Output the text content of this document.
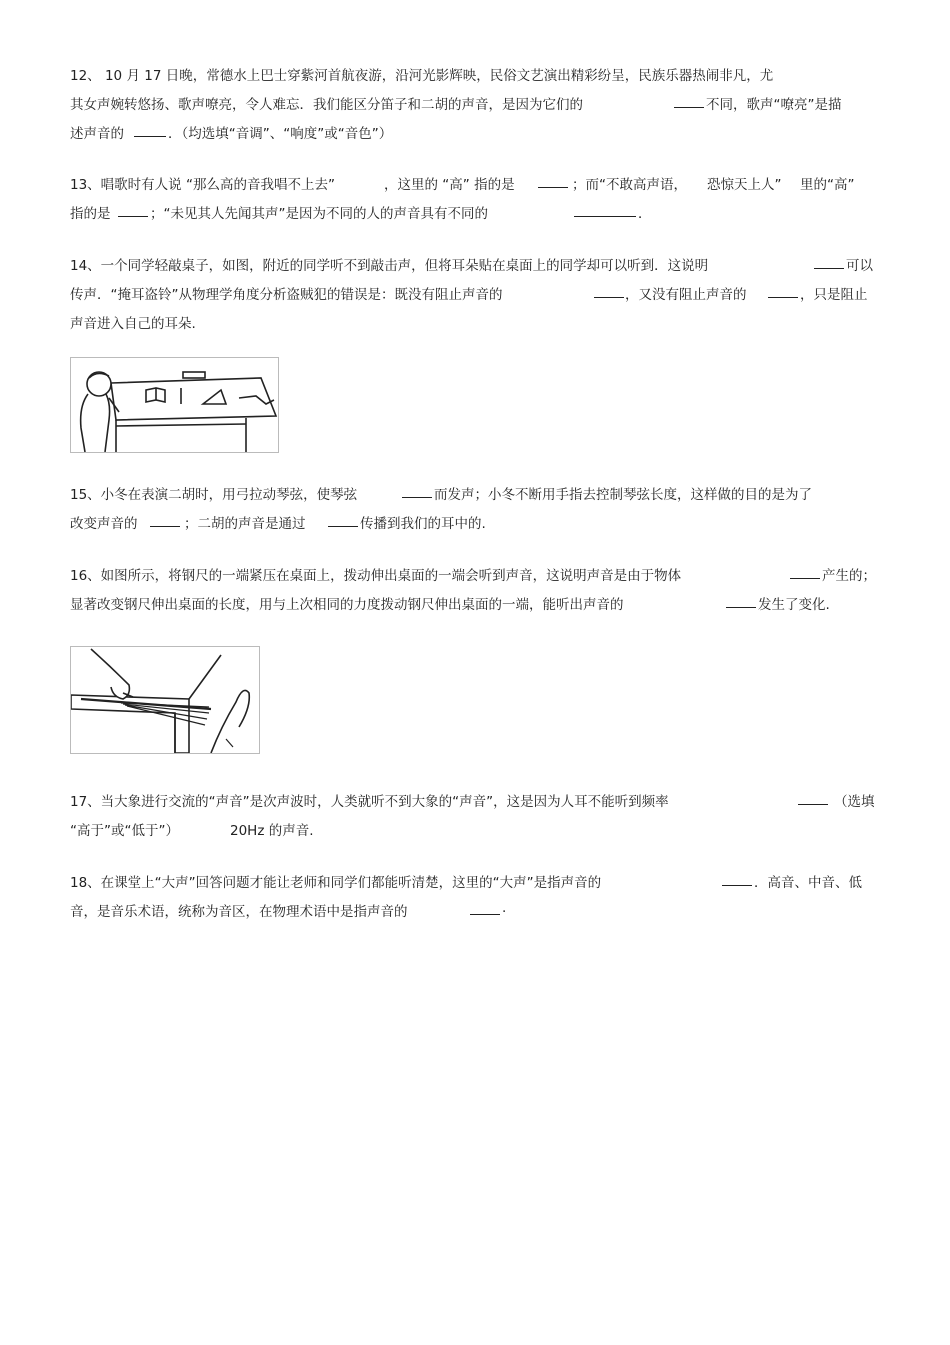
12、 10 月 17 日晚，常德水上巴士穿紫河首航夜游，沿河光影辉映，民俗文艺演出精彩纷呈，民族乐器热闹非凡，尤
其女声婉转悠扬、歌声嘹亮，令人难忘．我们能区分笛子和二胡的声音，是因为它们的	不同，歌声“嘹亮”是描
述声音的	．（均选填“音调”、“响度”或“音色”）
13、唱歌时有人说 “那么高的音我唱不上去”	，这里的 “高” 指的是	；而“不敢高声语， 恐惊天上人” 里的“高”
指的是	；“未见其人先闻其声”是因为不同的人的声音具有不同的	．
14、一个同学轻敲桌子，如图，附近的同学听不到敲击声，但将耳朵贴在桌面上的同学却可以听到．这说明	可以
传声．“掩耳盗铃”从物理学角度分析盗贼犯的错误是：既没有阻止声音的	，又没有阻止声音的	，只是阻止
声音进入自己的耳朵.
15、小冬在表演二胡时，用弓拉动琴弦，使琴弦	而发声；小冬不断用手指去控制琴弦长度，这样做的目的是为了
改变声音的	；二胡的声音是通过	传播到我们的耳中的.
16、如图所示，将钢尺的一端紧压在桌面上，拨动伸出桌面的一端会听到声音，这说明声音是由于物体	产生的；
显著改变钢尺伸出桌面的长度，用与上次相同的力度拨动钢尺伸出桌面的一端，能听出声音的	发生了变化.
17、当大象进行交流的“声音”是次声波时，人类就听不到大象的“声音”，这是因为人耳不能听到频率	（选填
“高于”或“低于”）	20Hz 的声音.
18、在课堂上“大声”回答问题才能让老师和同学们都能听清楚，这里的“大声”是指声音的	．高音、中音、低
音，是音乐术语，统称为音区，在物理术语中是指声音的	.
